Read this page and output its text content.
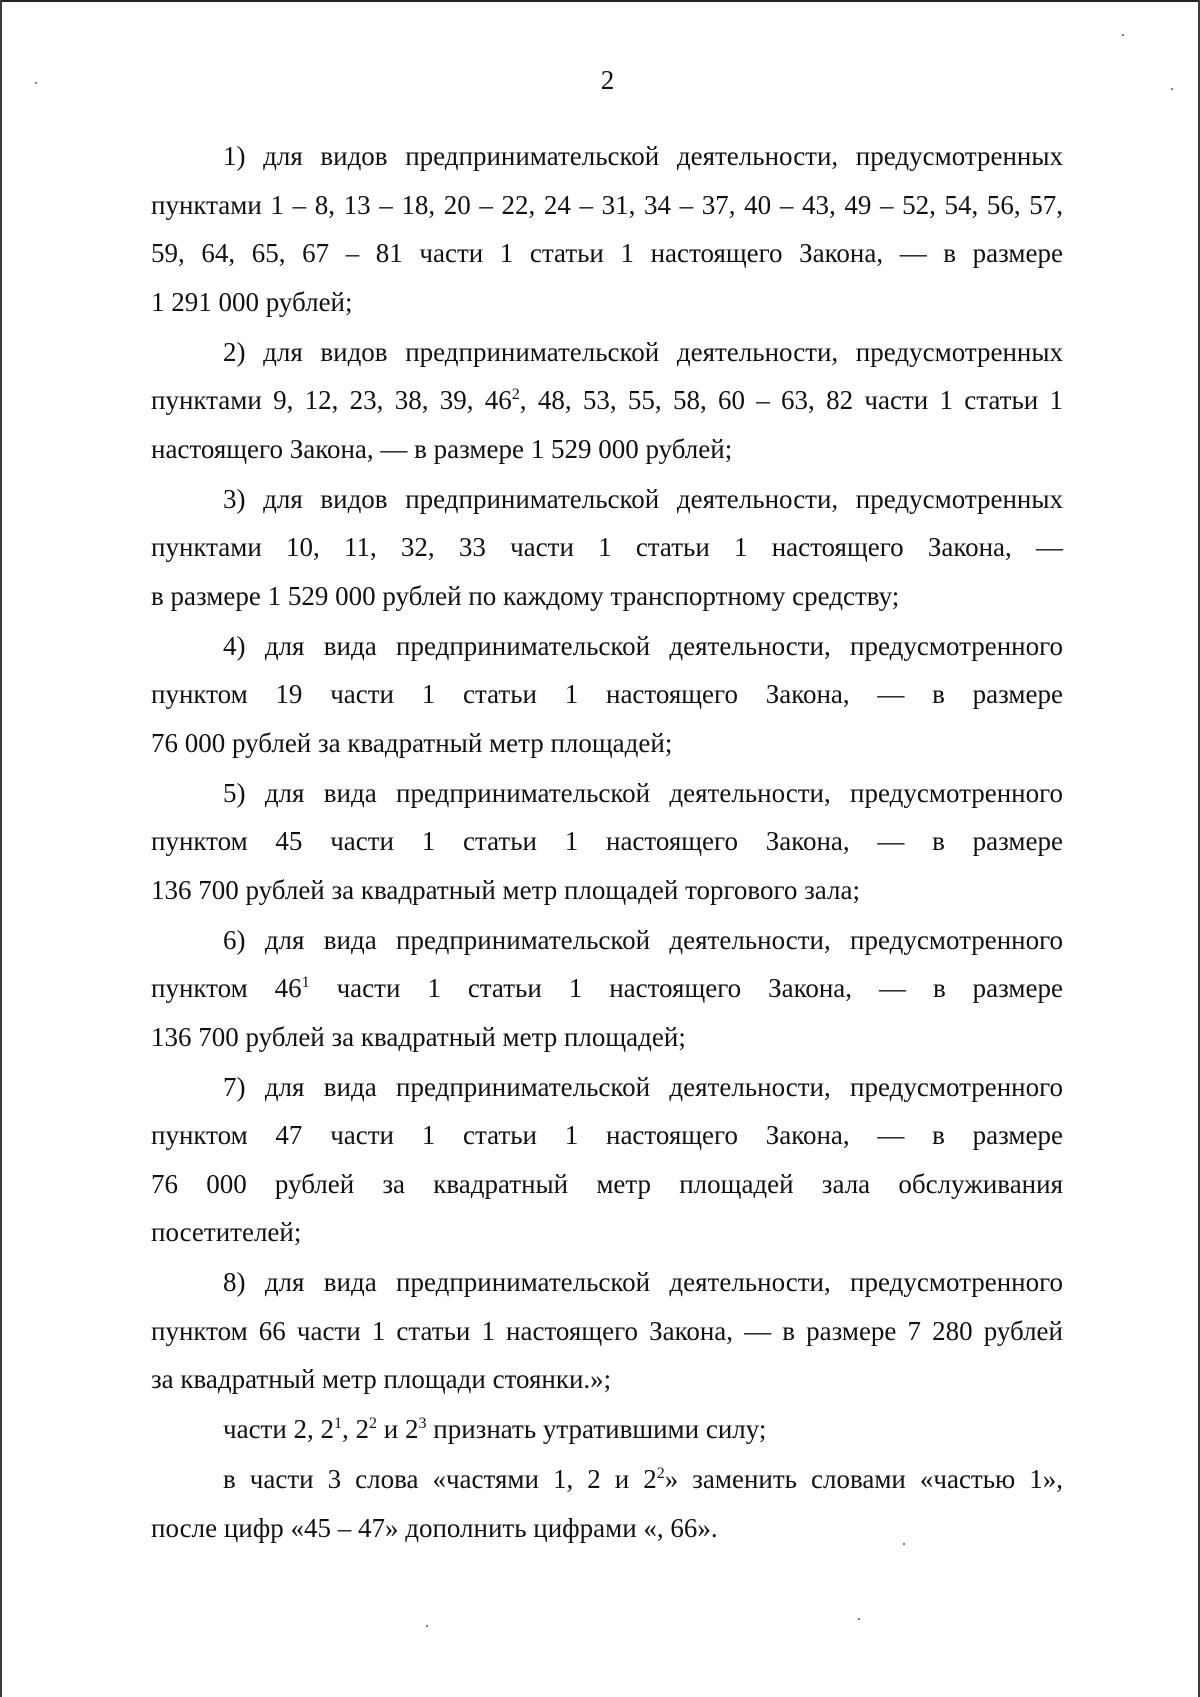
2
1) для видов предпринимательской деятельности, предусмотренных
пунктами 1 – 8, 13 – 18, 20 – 22, 24 – 31, 34 – 37, 40 – 43, 49 – 52, 54, 56, 57,
59, 64, 65, 67 – 81 части 1 статьи 1 настоящего Закона, — в размере
1 291 000 рублей;
2) для видов предпринимательской деятельности, предусмотренных
пунктами 9, 12, 23, 38, 39, $46^2$, 48, 53, 55, 58, 60 – 63, 82 части 1 статьи 1
настоящего Закона, — в размере 1 529 000 рублей;
3) для видов предпринимательской деятельности, предусмотренных
пунктами 10, 11, 32, 33 части 1 статьи 1 настоящего Закона, —
в размере 1 529 000 рублей по каждому транспортному средству;
4) для вида предпринимательской деятельности, предусмотренного
пунктом 19 части 1 статьи 1 настоящего Закона, — в размере
76 000 рублей за квадратный метр площадей;
5) для вида предпринимательской деятельности, предусмотренного
пунктом 45 части 1 статьи 1 настоящего Закона, — в размере
136 700 рублей за квадратный метр площадей торгового зала;
6) для вида предпринимательской деятельности, предусмотренного
пунктом $46^1$ части 1 статьи 1 настоящего Закона, — в размере
136 700 рублей за квадратный метр площадей;
7) для вида предпринимательской деятельности, предусмотренного
пунктом 47 части 1 статьи 1 настоящего Закона, — в размере
76 000 рублей за квадратный метр площадей зала обслуживания
посетителей;
8) для вида предпринимательской деятельности, предусмотренного
пунктом 66 части 1 статьи 1 настоящего Закона, — в размере 7 280 рублей
за квадратный метр площади стоянки.»;
части 2, $2^1$, $2^2$ и $2^3$ признать утратившими силу;
в части 3 слова «частями 1, 2 и $2^2$» заменить словами «частью 1»,
после цифр «45 – 47» дополнить цифрами «, 66».
